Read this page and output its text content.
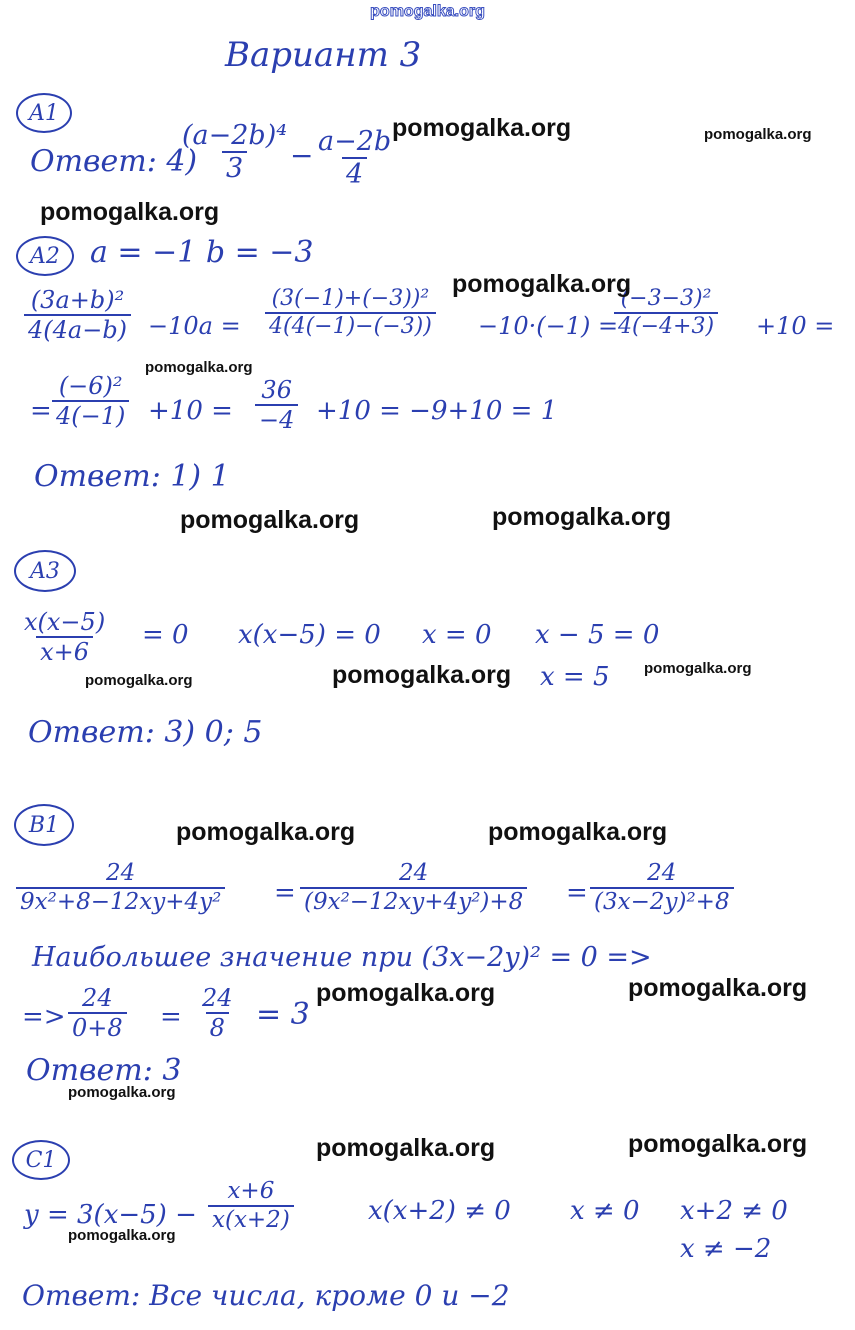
pomogalka.org
Вариант 3
A1
Ответ: 4)
$\frac{\text{(a−2b)⁴}}{3}$
− $\frac{a-2b}{4}$
A2	a = −1 b = −3
$\frac{\text{(3a+b)²}}{4(4a-b)} -10a = \frac{\text{(3(−1)+(−3))²}}{4(4(-1)-(-3))} -10\cdot(-1)$ =
$\frac{\text{(−3−3)²}}{4(-4+3)} +10$ =
= $\frac{\text{(−6)²}}{4(-1)} +10 = \frac{36}{-4} +10 = -9+10 = 1$
Ответ: 1) 1
A3
$\frac{x(x-5)}{x+6} = 0$ x(x−5) = 0 x = 0 x − 5 = 0
x = 5
Ответ: 3) 0; 5
B1
$\frac{24}{\text{9x²+8−12xy+4y²}} = \frac{24}{\text{(9x²−12xy+4y²)+8}} = \frac{24}{\text{(3x−2y)²+8}}$
Наибольшее значение при (3x−2y)² = 0 =>
=> $\frac{24}{0+8} = \frac{24}{8} = 3$
Ответ: 3
C1
$y = 3(x-5) - \frac{x+6}{x(x+2)}$	x(x+2) ≠ 0 x ≠ 0 x+2 ≠ 0
x ≠ −2
Ответ: Все числа, кроме 0 и −2
pomogalka.org
pomogalka.org
pomogalka.org
pomogalka.org	pomogalka.org
pomogalka.org
pomogalka.org	pomogalka.org
pomogalka.org	pomogalka.org
pomogalka.org	pomogalka.org
pomogalka.org
pomogalka.org
pomogalka.org
pomogalka.org
pomogalka.org
pomogalka.org
